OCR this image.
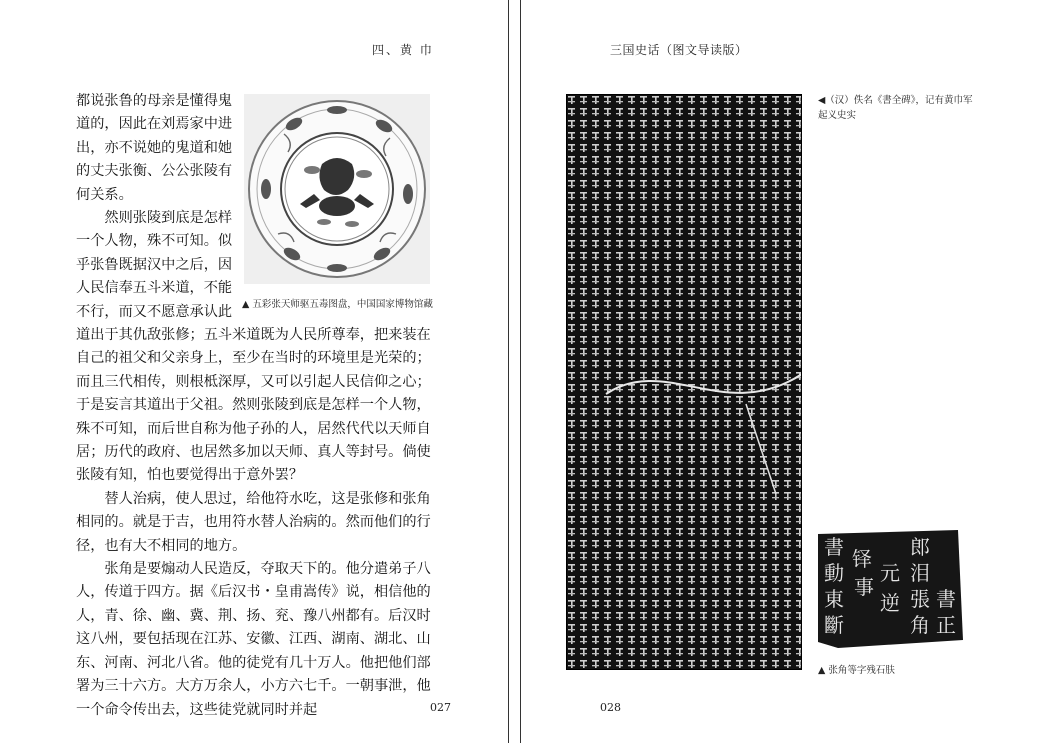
四、黄 巾

都说张鲁的母亲是懂得鬼道的，因此在刘焉家中进出，亦不说她的鬼道和她的丈夫张衡、公公张陵有何关系。

然则张陵到底是怎样一个人物，殊不可知。似乎张鲁既据汉中之后，因人民信奉五斗米道，不能不行，而又不愿意承认此	▲ 五彩张天师驱五毒图盘，中国国家博物馆藏

道出于其仇敌张修；五斗米道既为人民所尊奉，把来装在自己的祖父和父亲身上，至少在当时的环境里是光荣的；而且三代相传，则根柢深厚，又可以引起人民信仰之心；于是妄言其道出于父祖。然则张陵到底是怎样一个人物，殊不可知，而后世自称为他子孙的人，居然代代以天师自居；历代的政府、也居然多加以天师、真人等封号。倘使张陵有知，怕也要觉得出于意外罢？

替人治病，使人思过，给他符水吃，这是张修和张角相同的。就是于吉，也用符水替人治病的。然而他们的行径，也有大不相同的地方。

张角是要煽动人民造反，夺取天下的。他分遣弟子八人，传道于四方。据《后汉书・皇甫嵩传》说，相信他的人，青、徐、幽、冀、荆、扬、兖、豫八州都有。后汉时这八州，要包括现在江苏、安徽、江西、湖南、湖北、山东、河南、河北八省。他的徒党有几十万人。他把他们部署为三十六方。大方万余人，小方六七千。一朝事泄，他一个命令传出去，这些徒党就同时并起	027
三国史话（图文导读版）
◀（汉）佚名《書全碑》，记有黄巾军起义史实
書
動
東
斷
铎
事
元
逆
郎
泪
張
角
書
正
▲ 张角等字残石肤
028
